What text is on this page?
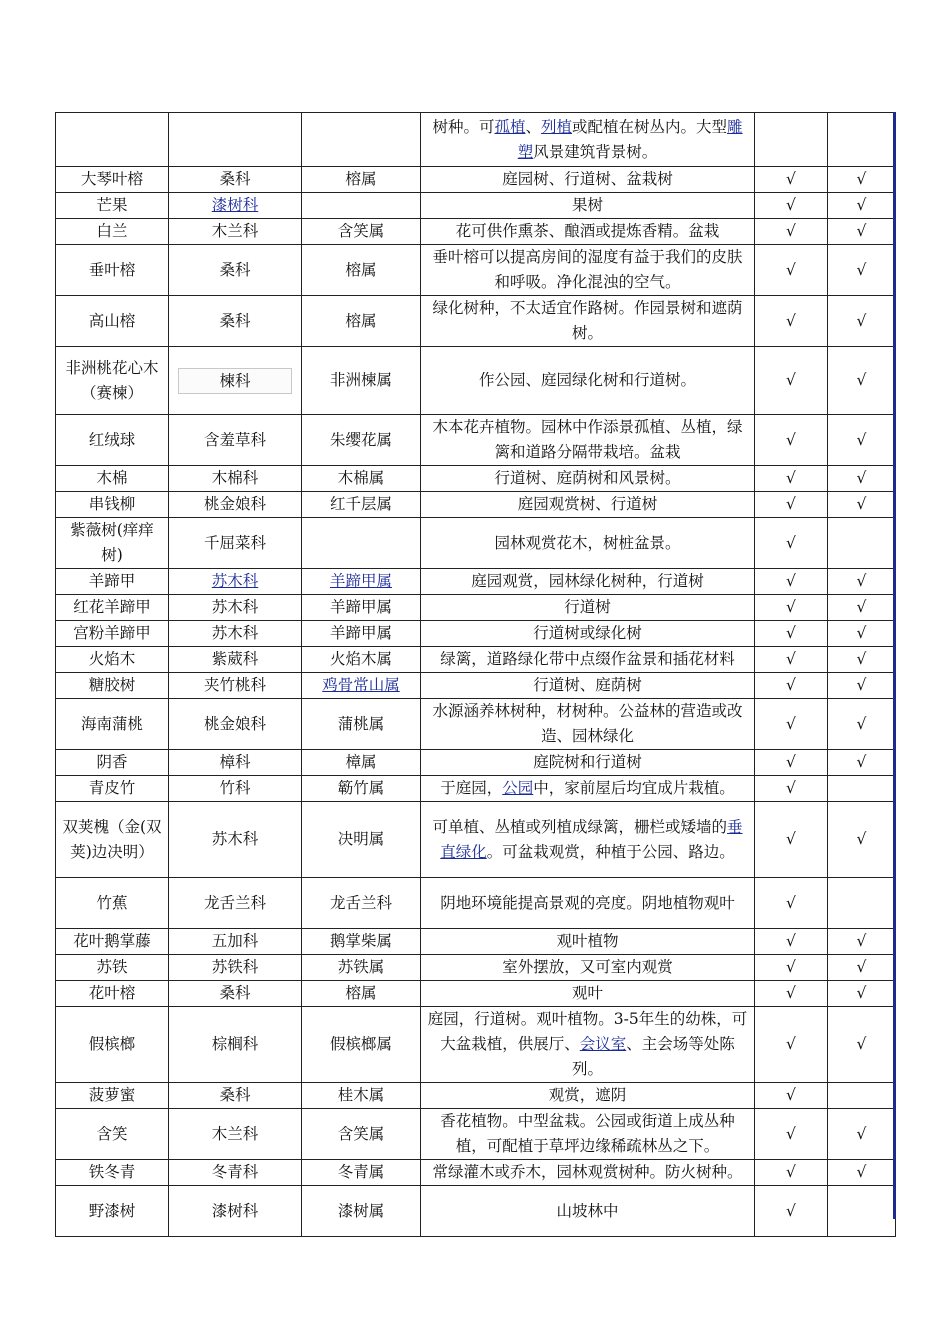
			树种。可孤植、列植或配植在树丛内。大型雕塑风景建筑背景树。		
大琴叶榕	桑科	榕属	庭园树、行道树、盆栽树	√	√
芒果	漆树科		果树	√	√
白兰	木兰科	含笑属	花可供作熏茶、酿酒或提炼香精。盆栽	√	√
垂叶榕	桑科	榕属	垂叶榕可以提高房间的湿度有益于我们的皮肤和呼吸。净化混浊的空气。	√	√
高山榕	桑科	榕属	绿化树种，不太适宜作路树。作园景树和遮荫树。	√	√
非洲桃花心木（赛楝）	楝科	非洲楝属	作公园、庭园绿化树和行道树。	√	√
红绒球	含羞草科	朱缨花属	木本花卉植物。园林中作添景孤植、丛植，绿篱和道路分隔带栽培。盆栽	√	√
木棉	木棉科	木棉属	行道树、庭荫树和风景树。	√	√
串钱柳	桃金娘科	红千层属	庭园观赏树、行道树	√	√
紫薇树(痒痒树)	千屈菜科		园林观赏花木，树桩盆景。	√	
羊蹄甲	苏木科	羊蹄甲属	庭园观赏，园林绿化树种，行道树	√	√
红花羊蹄甲	苏木科	羊蹄甲属	行道树	√	√
宫粉羊蹄甲	苏木科	羊蹄甲属	行道树或绿化树	√	√
火焰木	紫葳科	火焰木属	绿篱，道路绿化带中点缀作盆景和插花材料	√	√
糖胶树	夹竹桃科	鸡骨常山属	行道树、庭荫树	√	√
海南蒲桃	桃金娘科	蒲桃属	水源涵养林树种，材树种。公益林的营造或改造、园林绿化	√	√
阴香	樟科	樟属	庭院树和行道树	√	√
青皮竹	竹科	簕竹属	于庭园，公园中，家前屋后均宜成片栽植。	√	
双荚槐（金(双荚)边决明）	苏木科	决明属	可单植、丛植或列植成绿篱，栅栏或矮墙的垂直绿化。可盆栽观赏，种植于公园、路边。	√	√
竹蕉	龙舌兰科	龙舌兰科	阴地环境能提高景观的亮度。阴地植物观叶	√	
花叶鹅掌藤	五加科	鹅掌柴属	观叶植物	√	√
苏铁	苏铁科	苏铁属	室外摆放，又可室内观赏	√	√
花叶榕	桑科	榕属	观叶	√	√
假槟榔	棕榈科	假槟榔属	庭园，行道树。观叶植物。3-5年生的幼株，可大盆栽植，供展厅、会议室、主会场等处陈列。	√	√
菠萝蜜	桑科	桂木属	观赏，遮阴	√	
含笑	木兰科	含笑属	香花植物。中型盆栽。公园或街道上成丛种植，可配植于草坪边缘稀疏林丛之下。	√	√
铁冬青	冬青科	冬青属	常绿灌木或乔木，园林观赏树种。防火树种。	√	√
野漆树	漆树科	漆树属	山坡林中	√	
